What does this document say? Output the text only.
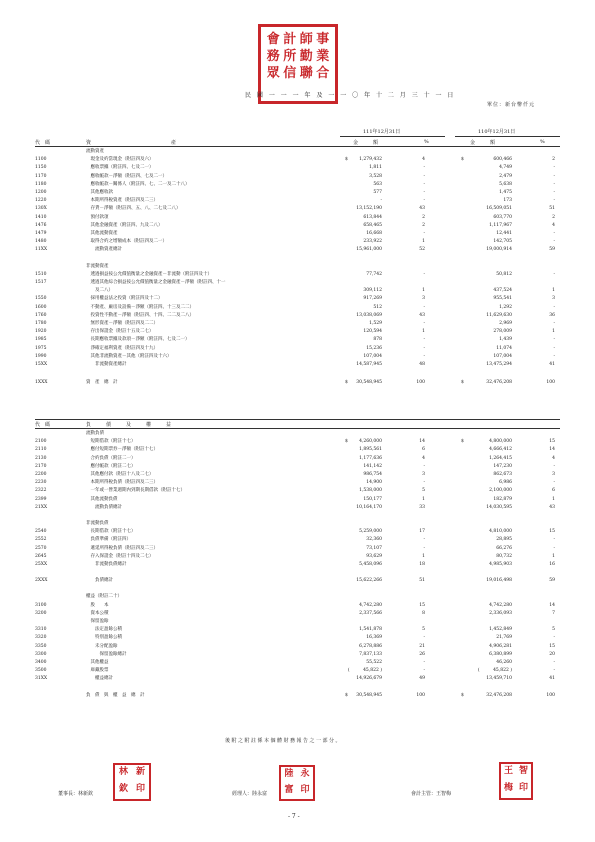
會 計 師 事
務 所 勤 業
眾 信 聯 合
民 國 一 一 一 年 及 一 一 〇 年 十 二 月 三 十 一 日
單位：新台幣仟元
111年12月31日	110年12月31日
代　碼	資　　　　　　　　　　　　　　　　產	金　　　額	%	金　　　額	%
流動資產
1100	　現金及約當現金（附註四及六）	1,279,432	4	600,466	2
$	$
1150	　應收票據（附註四、七及二一）	1,811	-	4,749	-
1170	　應收帳款－淨額（附註四、七及二一）	3,528	-	2,479	-
1180	　應收帳款－關係人（附註四、七、二一及二十八）	563	-	5,638	-
1200	　其他應收款	577	-	1,475	-
1220	　本期所得稅資產（附註四及二三）	-	-	173	-
130X	　存貨－淨額（附註四、五、八、二七及二八）	13,152,190	43	16,509,051	51
1410	　預付款項	613,844	2	603,770	2
1476	　其他金融資產（附註四、九及二八）	658,465	2	1,117,967	4
1479	　其他流動資產	16,668	-	12,441	-
1480	　取得合約之增額成本（附註四及二一）	233,922	1	142,705	-
11XX	　　流動資產總計	15,961,000	52	19,000,914	59
非流動資產
1510	　透過損益按公允價值衡量之金融資產－非流動（附註四及十）	77,742	-	50,812	-
1517	　透過其他綜合損益按公允價值衡量之金融資產－淨額（附註四、十一
　　及二八）	309,112	1	437,524	1
1550	　採用權益法之投資（附註四及十二）	917,269	3	955,541	3
1600	　不動產、廠房及設備－淨額（附註四、十三及二二）	512	-	1,292	-
1760	　投資性不動產－淨額（附註四、十四、二二及二八）	13,038,069	43	11,629,630	36
1780	　無形資產－淨額（附註四及二二）	1,529	-	2,969	-
1920	　存出保證金（附註十五及二七）	120,594	1	278,009	1
1985	　長期應收票據及款項－淨額（附註四、七及二一）	878	-	1,439	-
1975	　淨確定福利資產（附註四及十九）	15,236	-	11,074	-
1990	　其他非流動資產－其他（附註四及十六）	107,004	-	107,004	-
15XX	　　非流動資產總計	14,587,945	48	13,475,294	41
1XXX	資　產　總　計	30,548,945	100	32,476,208	100
$	$
代　碼	負　　　債　　　及　　　權　　　益
流動負債
2100	　短期借款（附註十七）	4,260,000	14	4,800,000	15
$	$
2110	　應付短期票券－淨額（附註十七）	1,895,561	6	4,666,412	14
2130	　合約負債（附註二一）	1,177,636	4	1,264,415	4
2170	　應付帳款（附註二七）	141,142	-	147,230	-
2200	　其他應付款（附註十八及二七）	986,754	3	862,673	3
2230	　本期所得稅負債（附註四及二三）	14,900	-	6,986	-
2322	　一年或一營業週期內到期長期借款（附註十七）	1,538,000	5	2,100,000	6
2399	　其他流動負債	150,177	1	182,879	1
21XX	　　流動負債總計	10,164,170	33	14,030,595	43
非流動負債
2540	　長期借款（附註十七）	5,259,000	17	4,810,000	15
2552	　負債準備（附註四）	32,360	-	28,895	-
2570	　遞延所得稅負債（附註四及二三）	73,107	-	66,276	-
2645	　存入保證金（附註十四及二七）	93,629	1	80,732	1
25XX	　　非流動負債總計	5,458,096	18	4,985,903	16
2XXX	　　負債總計	15,622,266	51	19,016,498	59
權益（附註二十）
3100	　股　　本	4,742,280	15	4,742,280	14
3200	　資本公積	2,337,566	8	2,336,093	7
　保留盈餘
3310	　　法定盈餘公積	1,541,878	5	1,452,849	5
3320	　　特別盈餘公積	16,369	-	21,769	-
3350	　　未分配盈餘	6,278,886	21	4,906,281	15
3300	　　　保留盈餘總計	7,837,133	26	6,380,899	20
3400	　其他權益	55,522	-	46,260	-
3500	　庫藏股票	(　　　45,822 )	-	(　　　45,822 )	-
31XX	　　權益總計	14,926,679	49	13,459,710	41
負　債　與　權　益　總　計	30,548,945	100	32,476,208	100
$	$
後附之附註係本個體財務報告之一部分。
董事長：林新欽
林 新
欽 印	經理人：陸永富
陸 永
富 印	會計主管：王智梅
王 智
梅 印
- 7 -
